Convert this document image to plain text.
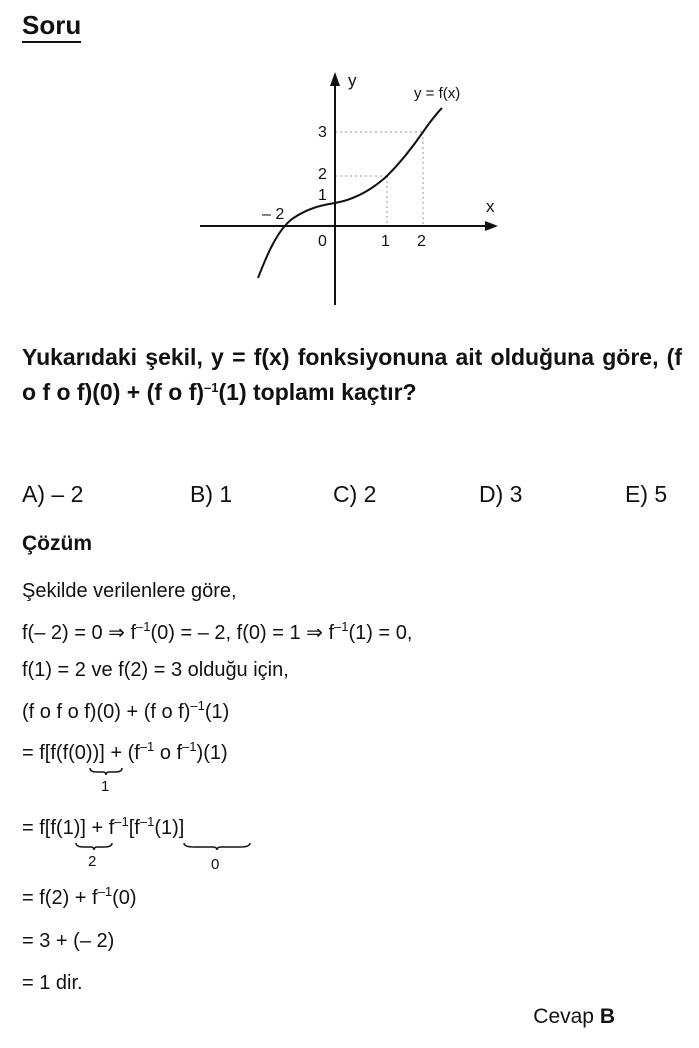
Soru
y
x
y = f(x)
3
2
1
– 2
0	1 2
Yukarıdaki şekil, y = f(x) fonksiyonuna ait olduğuna göre, (f o f o f)(0) + (f o f)$^{-1}$(1) toplamı kaçtır?
A) – 2	B) 1	C) 2	D) 3	E) 5
Çözüm
Şekilde verilenlere göre,
f(– 2) = 0 ⇒ $f^{-1}(0)$ = – 2, f(0) = 1 ⇒ $f^{-1}(1) = 0$,
f(1) = 2 ve f(2) = 3 olduğu için,
(f o f o f)(0) + (f o f)$^{-1}$(1)
= $f[f(f(0))] + (f^{-1}$ o $f^{-1})(1)$
1
= $f[f(1)] + f^{-1}[f^{-1}(1)]$
2	0
= $f(2) + f^{-1}(0)$
= 3 + (– 2)
= 1 dir.
Cevap B
